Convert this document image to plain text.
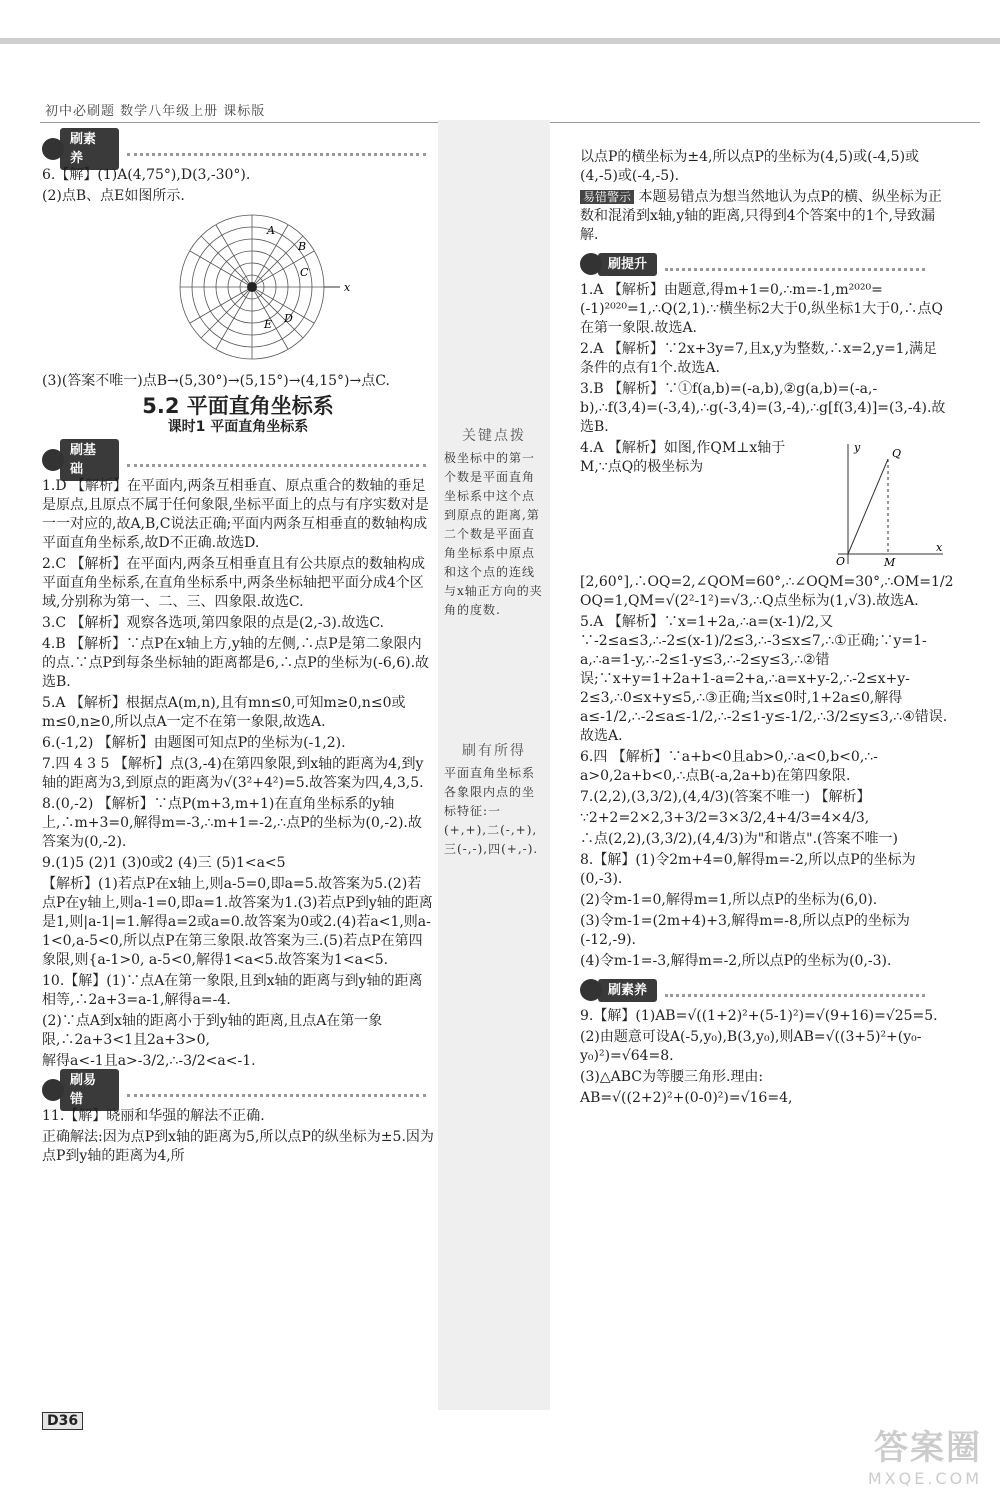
初中必刷题 数学八年级上册 课标版
刷素养
6.【解】(1)A(4,75°),D(3,-30°).
(2)点B、点E如图所示.
x
A
B
C
D
E
(3)(答案不唯一)点B→(5,30°)→(5,15°)→(4,15°)→点C.
5.2 平面直角坐标系
课时1 平面直角坐标系
刷基础
1.D 【解析】在平面内,两条互相垂直、原点重合的数轴的垂足是原点,且原点不属于任何象限,坐标平面上的点与有序实数对是一一对应的,故A,B,C说法正确;平面内两条互相垂直的数轴构成平面直角坐标系,故D不正确.故选D.
2.C 【解析】在平面内,两条互相垂直且有公共原点的数轴构成平面直角坐标系,在直角坐标系中,两条坐标轴把平面分成4个区域,分别称为第一、二、三、四象限.故选C.
3.C 【解析】观察各选项,第四象限的点是(2,-3).故选C.
4.B 【解析】∵点P在x轴上方,y轴的左侧,∴点P是第二象限内的点.∵点P到每条坐标轴的距离都是6,∴点P的坐标为(-6,6).故选B.
5.A 【解析】根据点A(m,n),且有mn≤0,可知m≥0,n≤0或m≤0,n≥0,所以点A一定不在第一象限,故选A.
6.(-1,2) 【解析】由题图可知点P的坐标为(-1,2).
7.四 4 3 5 【解析】点(3,-4)在第四象限,到x轴的距离为4,到y轴的距离为3,到原点的距离为√(3²+4²)=5.故答案为四,4,3,5.
8.(0,-2) 【解析】∵点P(m+3,m+1)在直角坐标系的y轴上,∴m+3=0,解得m=-3,∴m+1=-2,∴点P的坐标为(0,-2).故答案为(0,-2).
9.(1)5 (2)1 (3)0或2 (4)三 (5)1<a<5
【解析】(1)若点P在x轴上,则a-5=0,即a=5.故答案为5.(2)若点P在y轴上,则a-1=0,即a=1.故答案为1.(3)若点P到y轴的距离是1,则|a-1|=1.解得a=2或a=0.故答案为0或2.(4)若a<1,则a-1<0,a-5<0,所以点P在第三象限.故答案为三.(5)若点P在第四象限,则{a-1>0, a-5<0,解得1<a<5.故答案为1<a<5.
10.【解】(1)∵点A在第一象限,且到x轴的距离与到y轴的距离相等,∴2a+3=a-1,解得a=-4.
(2)∵点A到x轴的距离小于到y轴的距离,且点A在第一象限,∴2a+3<1且2a+3>0,
解得a<-1且a>-3/2,∴-3/2<a<-1.
刷易错
11.【解】晓丽和华强的解法不正确.
正确解法:因为点P到x轴的距离为5,所以点P的纵坐标为±5.因为点P到y轴的距离为4,所
关键点拨
极坐标中的第一个数是平面直角坐标系中这个点到原点的距离,第二个数是平面直角坐标系中原点和这个点的连线与x轴正方向的夹角的度数.
刷有所得
平面直角坐标系各象限内点的坐标特征:一(+,+),二(-,+),三(-,-),四(+,-).
以点P的横坐标为±4,所以点P的坐标为(4,5)或(-4,5)或(4,-5)或(-4,-5).
易错警示 本题易错点为想当然地认为点P的横、纵坐标为正数和混淆到x轴,y轴的距离,只得到4个答案中的1个,导致漏解.
刷提升
1.A 【解析】由题意,得m+1=0,∴m=-1,m²⁰²⁰=(-1)²⁰²⁰=1,∴Q(2,1).∵横坐标2大于0,纵坐标1大于0,∴点Q在第一象限.故选A.
2.A 【解析】∵2x+3y=7,且x,y为整数,∴x=2,y=1,满足条件的点有1个.故选A.
3.B 【解析】∵①f(a,b)=(-a,b),②g(a,b)=(-a,-b),∴f(3,4)=(-3,4),∴g(-3,4)=(3,-4),∴g[f(3,4)]=(3,-4).故选B.
x
y
O
Q
M
4.A 【解析】如图,作QM⊥x轴于M,∵点Q的极坐标为[2,60°],∴OQ=2,∠QOM=60°,∴∠OQM=30°,∴OM=1/2 OQ=1,QM=√(2²-1²)=√3,∴Q点坐标为(1,√3).故选A.
5.A 【解析】∵x=1+2a,∴a=(x-1)/2,又∵-2≤a≤3,∴-2≤(x-1)/2≤3,∴-3≤x≤7,∴①正确;∵y=1-a,∴a=1-y,∴-2≤1-y≤3,∴-2≤y≤3,∴②错误;∵x+y=1+2a+1-a=2+a,∴a=x+y-2,∴-2≤x+y-2≤3,∴0≤x+y≤5,∴③正确;当x≤0时,1+2a≤0,解得a≤-1/2,∴-2≤a≤-1/2,∴-2≤1-y≤-1/2,∴3/2≤y≤3,∴④错误.故选A.
6.四 【解析】∵a+b<0且ab>0,∴a<0,b<0,∴-a>0,2a+b<0,∴点B(-a,2a+b)在第四象限.
7.(2,2),(3,3/2),(4,4/3)(答案不唯一) 【解析】
∵2+2=2×2,3+3/2=3×3/2,4+4/3=4×4/3,
∴点(2,2),(3,3/2),(4,4/3)为"和谐点".(答案不唯一)
8.【解】(1)令2m+4=0,解得m=-2,所以点P的坐标为(0,-3).
(2)令m-1=0,解得m=1,所以点P的坐标为(6,0).
(3)令m-1=(2m+4)+3,解得m=-8,所以点P的坐标为(-12,-9).
(4)令m-1=-3,解得m=-2,所以点P的坐标为(0,-3).
刷素养
9.【解】(1)AB=√((1+2)²+(5-1)²)=√(9+16)=√25=5.
(2)由题意可设A(-5,y₀),B(3,y₀),则AB=√((3+5)²+(y₀-y₀)²)=√64=8.
(3)△ABC为等腰三角形.理由:
AB=√((2+2)²+(0-0)²)=√16=4,
D36
答案圈
MXQE.COM
